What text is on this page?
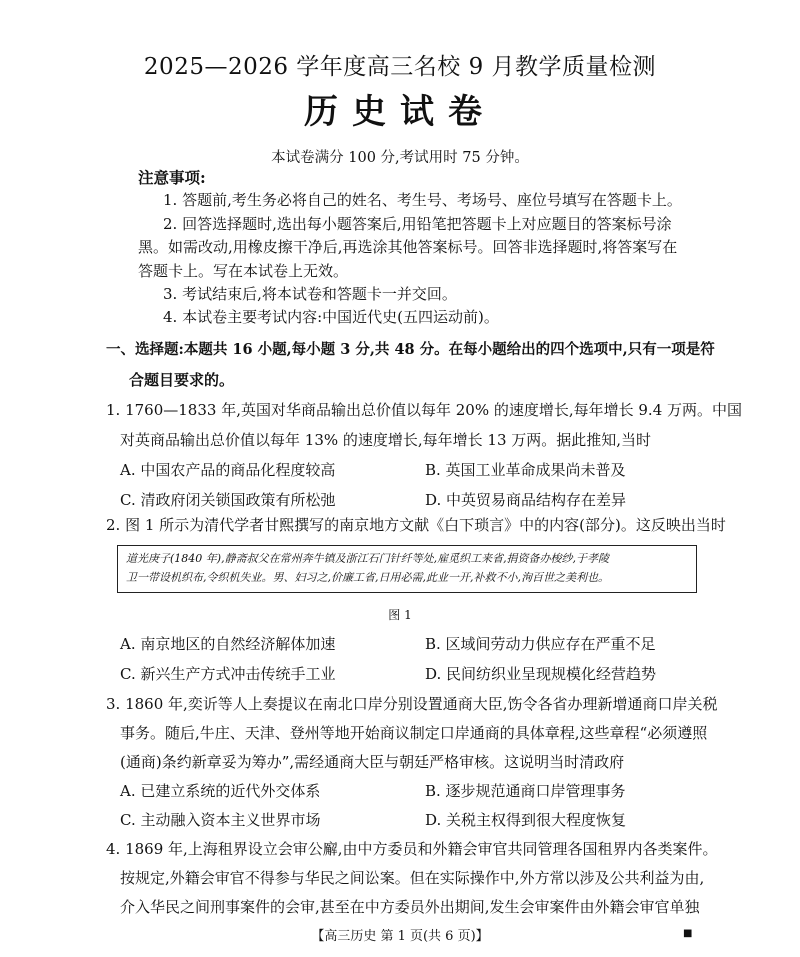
2025—2026 学年度高三名校 9 月教学质量检测
历史试卷
本试卷满分 100 分,考试用时 75 分钟。
注意事项:
1. 答题前,考生务必将自己的姓名、考生号、考场号、座位号填写在答题卡上。
2. 回答选择题时,选出每小题答案后,用铅笔把答题卡上对应题目的答案标号涂
黑。如需改动,用橡皮擦干净后,再选涂其他答案标号。回答非选择题时,将答案写在
答题卡上。写在本试卷上无效。
3. 考试结束后,将本试卷和答题卡一并交回。
4. 本试卷主要考试内容:中国近代史(五四运动前)。
一、选择题:本题共 16 小题,每小题 3 分,共 48 分。在每小题给出的四个选项中,只有一项是符
合题目要求的。
1. 1760—1833 年,英国对华商品输出总价值以每年 20% 的速度增长,每年增长 9.4 万两。中国
对英商品输出总价值以每年 13% 的速度增长,每年增长 13 万两。据此推知,当时
A. 中国农产品的商品化程度较高	B. 英国工业革命成果尚未普及
C. 清政府闭关锁国政策有所松弛	D. 中英贸易商品结构存在差异
2. 图 1 所示为清代学者甘熙撰写的南京地方文献《白下琐言》中的内容(部分)。这反映出当时
道光庚子(1840 年),静斋叔父在常州奔牛镇及浙江石门针纤等处,雇觅织工来省,捐资备办梭纱,于孝陵
卫一带设机织布,令织机失业。男、妇习之,价廉工省,日用必需,此业一开,补救不小,洵百世之美利也。
图 1
A. 南京地区的自然经济解体加速	B. 区域间劳动力供应存在严重不足
C. 新兴生产方式冲击传统手工业	D. 民间纺织业呈现规模化经营趋势
3. 1860 年,奕䜣等人上奏提议在南北口岸分别设置通商大臣,饬令各省办理新增通商口岸关税
事务。随后,牛庄、天津、登州等地开始商议制定口岸通商的具体章程,这些章程“必须遵照
(通商)条约新章妥为筹办”,需经通商大臣与朝廷严格审核。这说明当时清政府
A. 已建立系统的近代外交体系	B. 逐步规范通商口岸管理事务
C. 主动融入资本主义世界市场	D. 关税主权得到很大程度恢复
4. 1869 年,上海租界设立会审公廨,由中方委员和外籍会审官共同管理各国租界内各类案件。
按规定,外籍会审官不得参与华民之间讼案。但在实际操作中,外方常以涉及公共利益为由,
介入华民之间刑事案件的会审,甚至在中方委员外出期间,发生会审案件由外籍会审官单独
【高三历史 第 1 页(共 6 页)】	■
